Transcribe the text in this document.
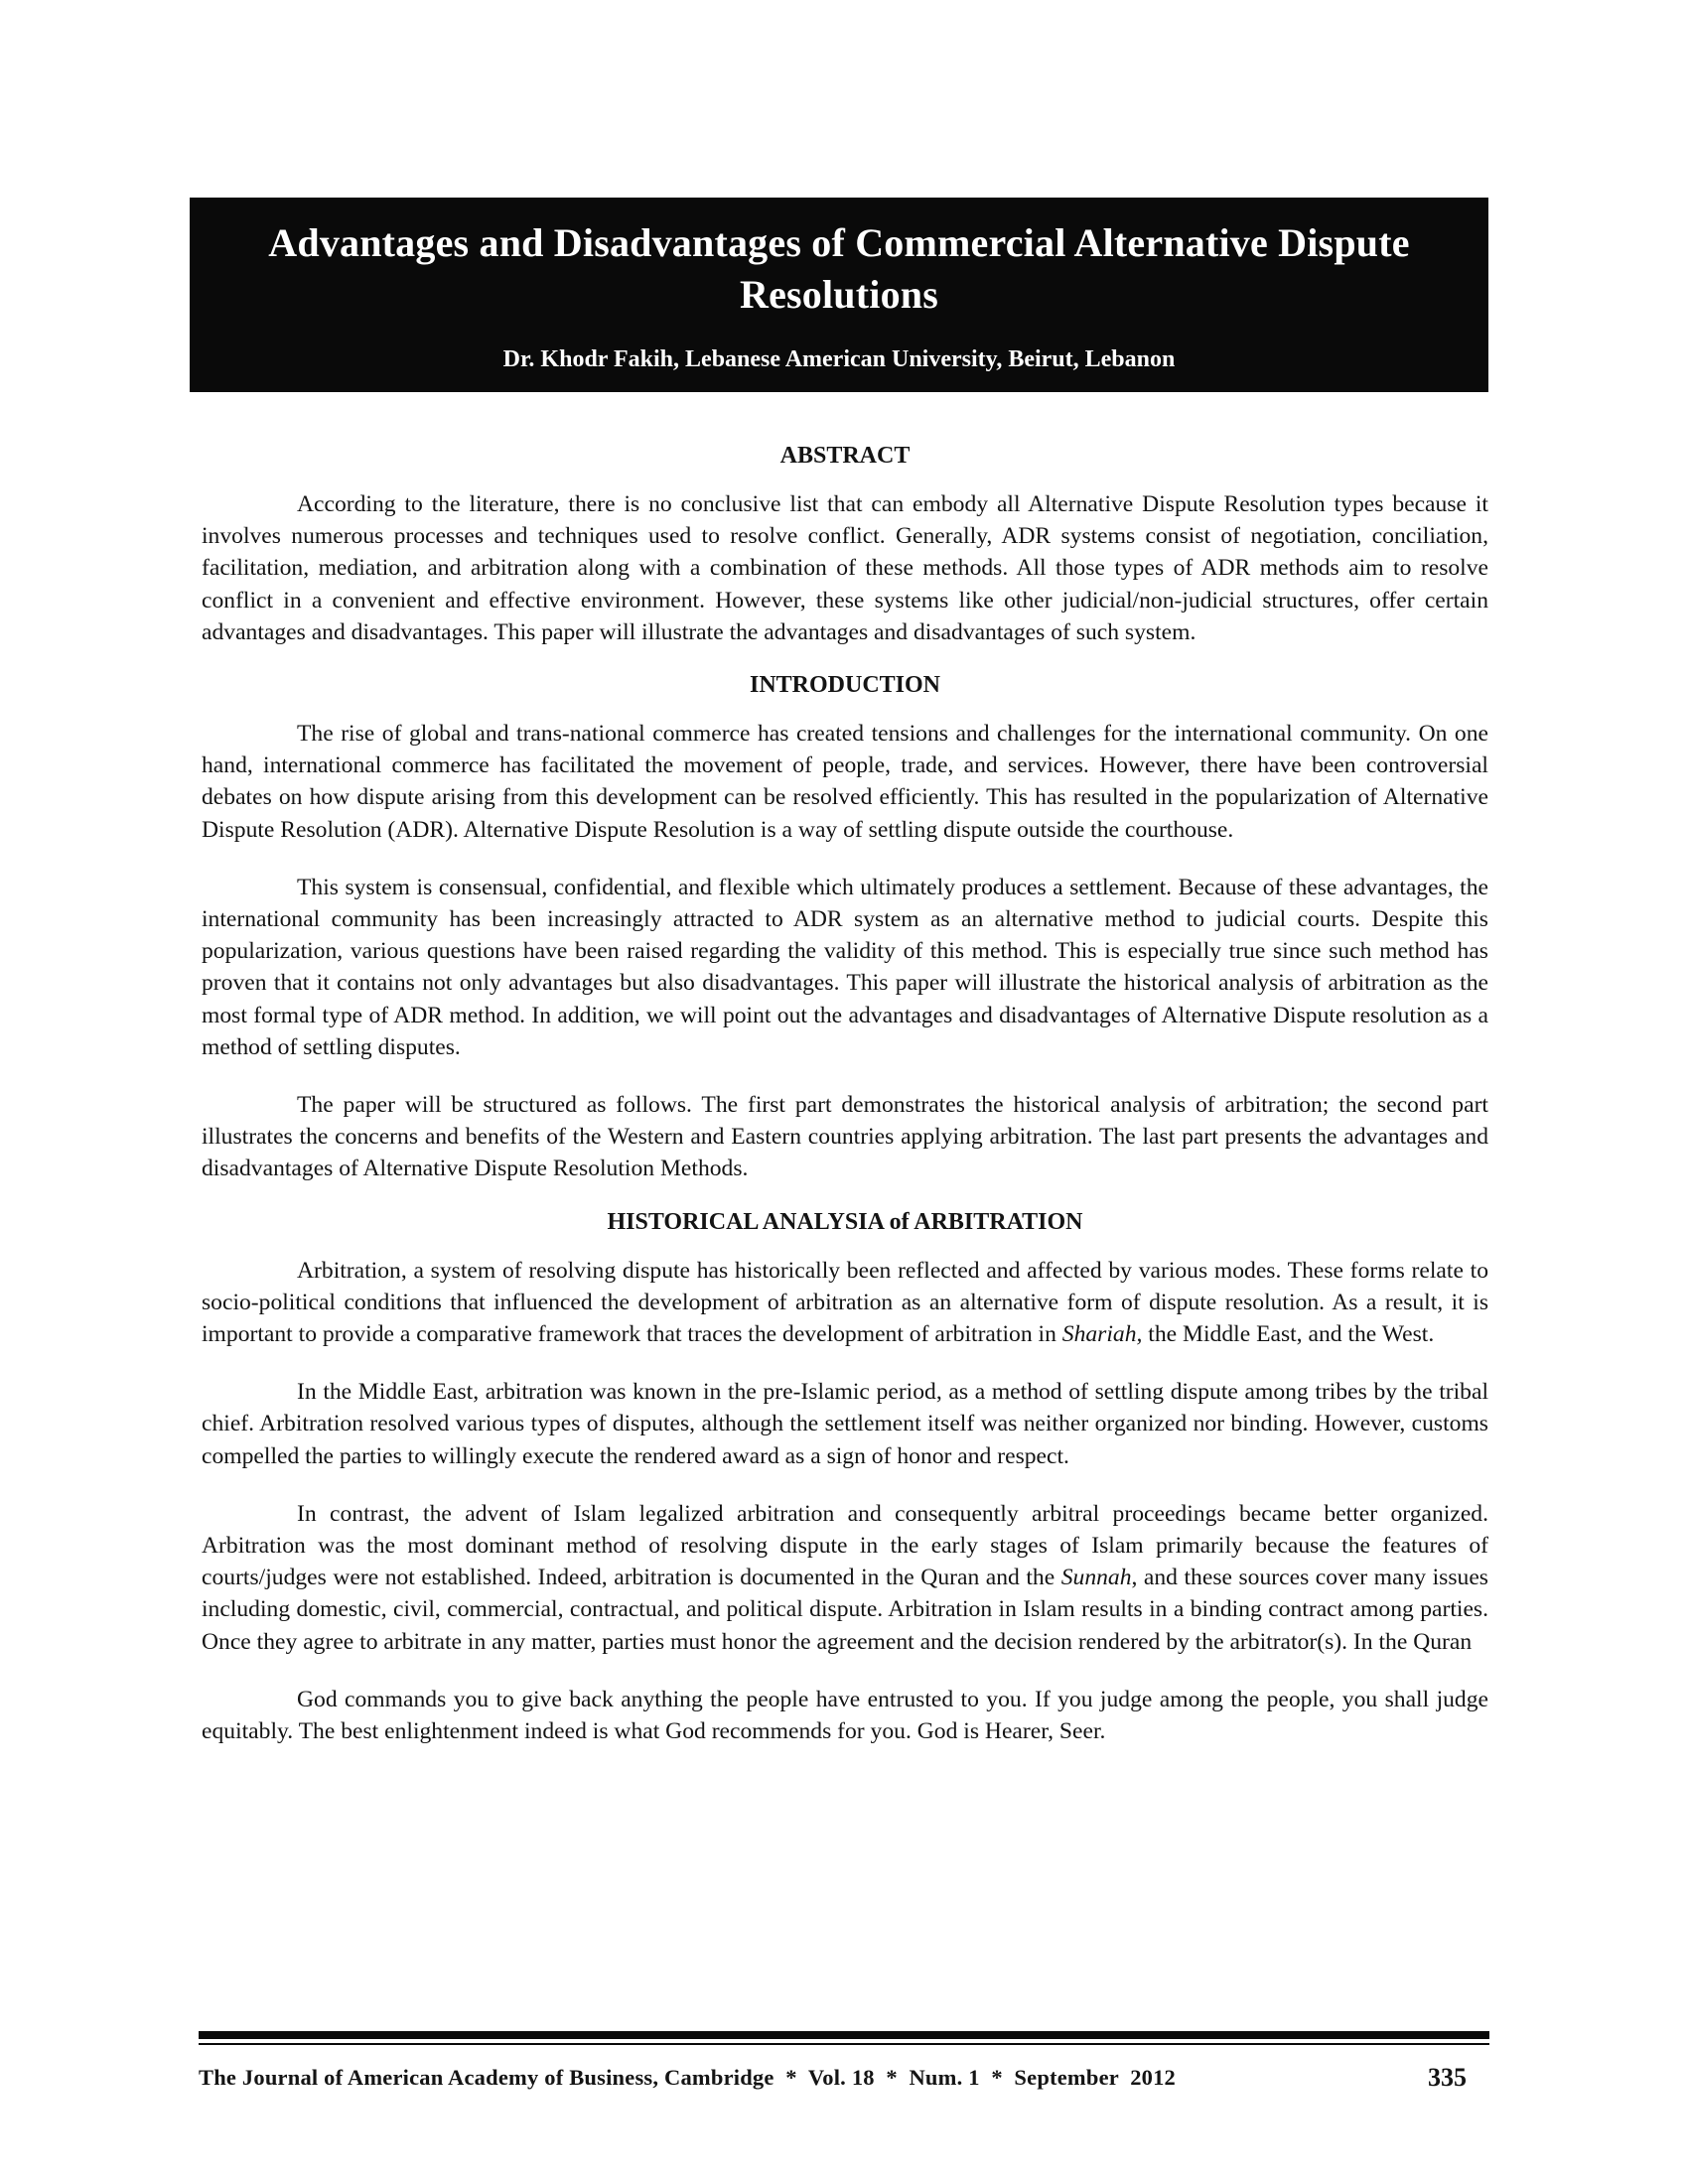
Advantages and Disadvantages of Commercial Alternative Dispute Resolutions
Dr. Khodr Fakih, Lebanese American University, Beirut, Lebanon
ABSTRACT

According to the literature, there is no conclusive list that can embody all Alternative Dispute Resolution types because it involves numerous processes and techniques used to resolve conflict. Generally, ADR systems consist of negotiation, conciliation, facilitation, mediation, and arbitration along with a combination of these methods. All those types of ADR methods aim to resolve conflict in a convenient and effective environment. However, these systems like other judicial/non-judicial structures, offer certain advantages and disadvantages. This paper will illustrate the advantages and disadvantages of such system.

INTRODUCTION

The rise of global and trans-national commerce has created tensions and challenges for the international community. On one hand, international commerce has facilitated the movement of people, trade, and services. However, there have been controversial debates on how dispute arising from this development can be resolved efficiently. This has resulted in the popularization of Alternative Dispute Resolution (ADR). Alternative Dispute Resolution is a way of settling dispute outside the courthouse.

This system is consensual, confidential, and flexible which ultimately produces a settlement. Because of these advantages, the international community has been increasingly attracted to ADR system as an alternative method to judicial courts. Despite this popularization, various questions have been raised regarding the validity of this method. This is especially true since such method has proven that it contains not only advantages but also disadvantages. This paper will illustrate the historical analysis of arbitration as the most formal type of ADR method. In addition, we will point out the advantages and disadvantages of Alternative Dispute resolution as a method of settling disputes.

The paper will be structured as follows. The first part demonstrates the historical analysis of arbitration; the second part illustrates the concerns and benefits of the Western and Eastern countries applying arbitration. The last part presents the advantages and disadvantages of Alternative Dispute Resolution Methods.

HISTORICAL ANALYSIA of ARBITRATION

Arbitration, a system of resolving dispute has historically been reflected and affected by various modes. These forms relate to socio-political conditions that influenced the development of arbitration as an alternative form of dispute resolution. As a result, it is important to provide a comparative framework that traces the development of arbitration in Shariah, the Middle East, and the West.

In the Middle East, arbitration was known in the pre-Islamic period, as a method of settling dispute among tribes by the tribal chief. Arbitration resolved various types of disputes, although the settlement itself was neither organized nor binding. However, customs compelled the parties to willingly execute the rendered award as a sign of honor and respect.

In contrast, the advent of Islam legalized arbitration and consequently arbitral proceedings became better organized. Arbitration was the most dominant method of resolving dispute in the early stages of Islam primarily because the features of courts/judges were not established. Indeed, arbitration is documented in the Quran and the Sunnah, and these sources cover many issues including domestic, civil, commercial, contractual, and political dispute. Arbitration in Islam results in a binding contract among parties. Once they agree to arbitrate in any matter, parties must honor the agreement and the decision rendered by the arbitrator(s). In the Quran

God commands you to give back anything the people have entrusted to you. If you judge among the people, you shall judge equitably. The best enlightenment indeed is what God recommends for you. God is Hearer, Seer.

The Journal of American Academy of Business, Cambridge  *  Vol. 18  *  Num. 1  *  September  2012	335
